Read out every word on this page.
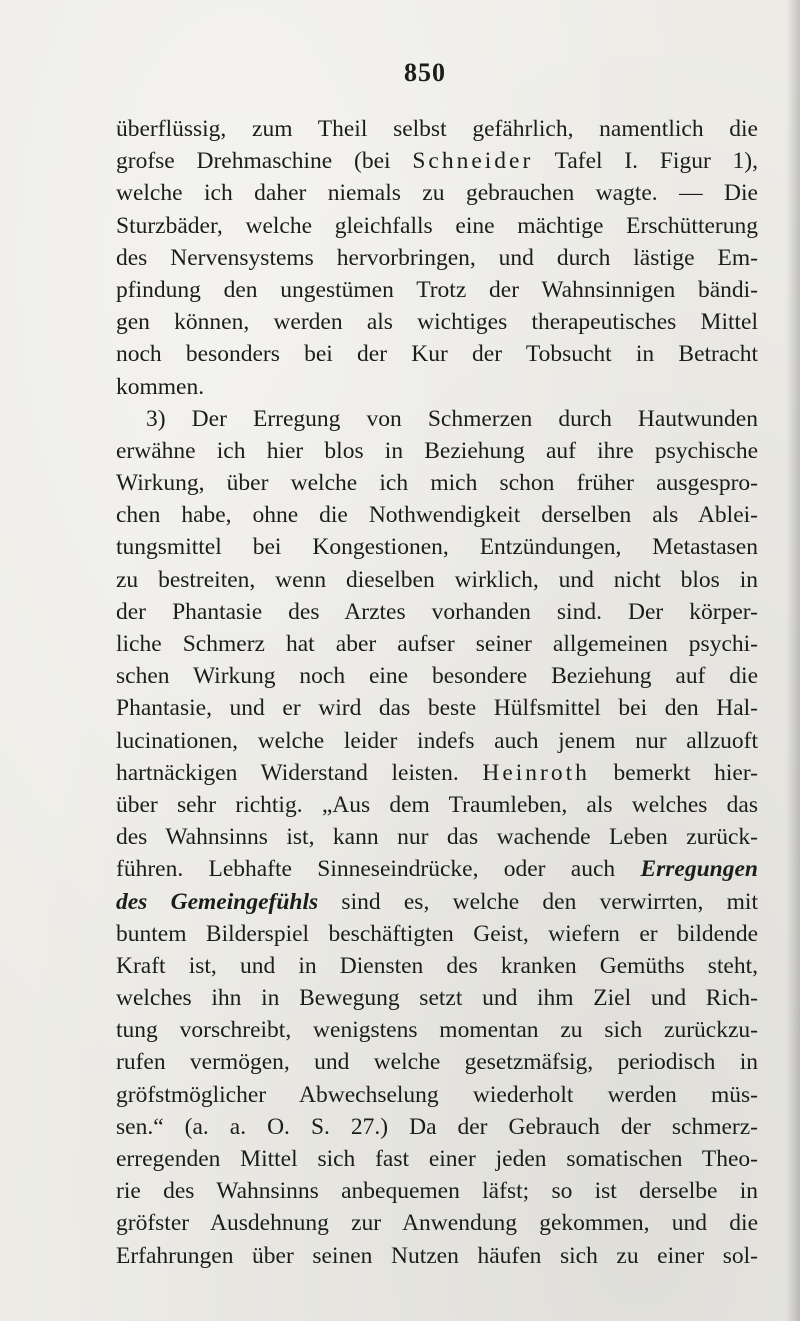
850
überflüssig, zum Theil selbst gefährlich, namentlich die
grofse Drehmaschine (bei Schneider Tafel I. Figur 1),
welche ich daher niemals zu gebrauchen wagte. — Die
Sturzbäder, welche gleichfalls eine mächtige Erschütterung
des Nervensystems hervorbringen, und durch lästige Em-
pfindung den ungestümen Trotz der Wahnsinnigen bändi-
gen können, werden als wichtiges therapeutisches Mittel
noch besonders bei der Kur der Tobsucht in Betracht
kommen.
3) Der Erregung von Schmerzen durch Hautwunden
erwähne ich hier blos in Beziehung auf ihre psychische
Wirkung, über welche ich mich schon früher ausgespro-
chen habe, ohne die Nothwendigkeit derselben als Ablei-
tungsmittel bei Kongestionen, Entzündungen, Metastasen
zu bestreiten, wenn dieselben wirklich, und nicht blos in
der Phantasie des Arztes vorhanden sind. Der körper-
liche Schmerz hat aber aufser seiner allgemeinen psychi-
schen Wirkung noch eine besondere Beziehung auf die
Phantasie, und er wird das beste Hülfsmittel bei den Hal-
lucinationen, welche leider indefs auch jenem nur allzuoft
hartnäckigen Widerstand leisten. Heinroth bemerkt hier-
über sehr richtig. „Aus dem Traumleben, als welches das
des Wahnsinns ist, kann nur das wachende Leben zurück-
führen. Lebhafte Sinneseindrücke, oder auch Erregungen
des Gemeingefühls sind es, welche den verwirrten, mit
buntem Bilderspiel beschäftigten Geist, wiefern er bildende
Kraft ist, und in Diensten des kranken Gemüths steht,
welches ihn in Bewegung setzt und ihm Ziel und Rich-
tung vorschreibt, wenigstens momentan zu sich zurückzu-
rufen vermögen, und welche gesetzmäfsig, periodisch in
gröfstmöglicher Abwechselung wiederholt werden müs-
sen.“ (a. a. O. S. 27.) Da der Gebrauch der schmerz-
erregenden Mittel sich fast einer jeden somatischen Theo-
rie des Wahnsinns anbequemen läfst; so ist derselbe in
gröfster Ausdehnung zur Anwendung gekommen, und die
Erfahrungen über seinen Nutzen häufen sich zu einer sol-
